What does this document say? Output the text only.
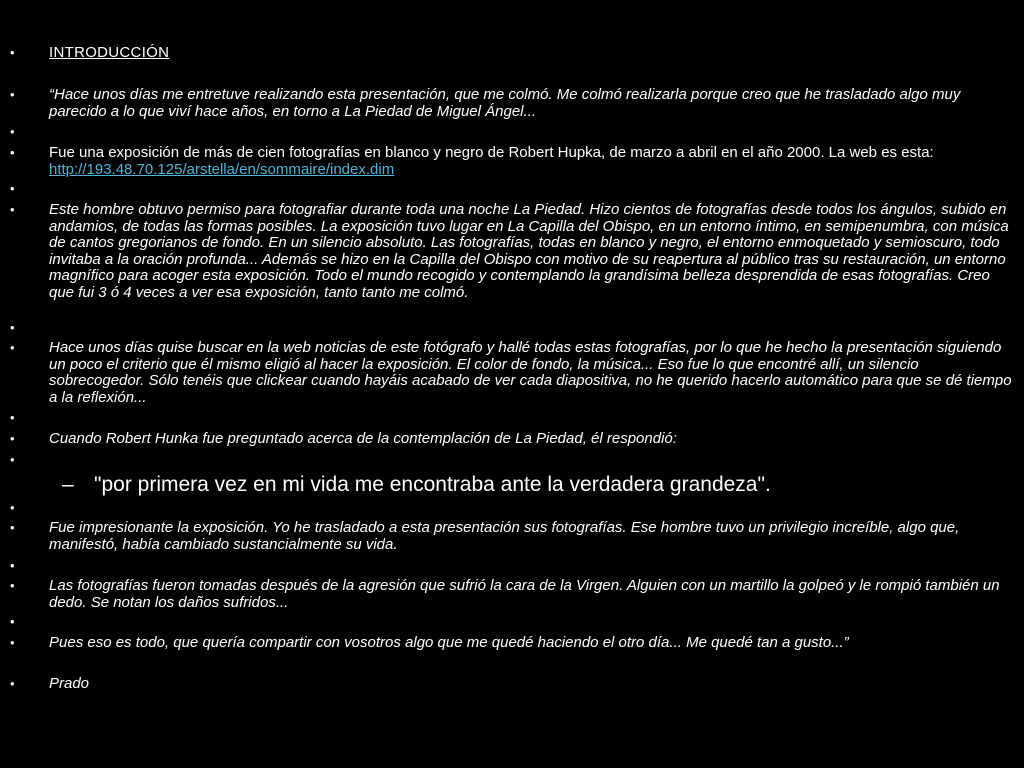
•	INTRODUCCIÓN
•	“Hace unos días me entretuve realizando esta presentación, que me colmó. Me colmó realizarla porque creo que he trasladado algo muy parecido a lo que viví hace años, en torno a La Piedad de Miguel Ángel...
•
•	Fue una exposición de más de cien fotografías en blanco y negro de Robert Hupka, de marzo a abril en el año 2000. La web es esta: http://193.48.70.125/arstella/en/sommaire/index.dim
•
•	Este hombre obtuvo permiso para fotografiar durante toda una noche La Piedad. Hizo cientos de fotografías desde todos los ángulos, subido en andamios, de todas las formas posibles. La exposición tuvo lugar en La Capilla del Obispo, en un entorno íntimo, en semipenumbra, con música de cantos gregorianos de fondo. En un silencio absoluto. Las fotografías, todas en blanco y negro, el entorno enmoquetado y semioscuro, todo invitaba a la oración profunda... Además se hizo en la Capilla del Obispo con motivo de su reapertura al público tras su restauración, un entorno magnífico para acoger esta exposición. Todo el mundo recogido y contemplando la grandísima belleza desprendida de esas fotografías. Creo que fui 3 ó 4 veces a ver esa exposición, tanto tanto me colmó.
•
•	Hace unos días quise buscar en la web noticias de este fotógrafo y hallé todas estas fotografías, por lo que he hecho la presentación siguiendo un poco el criterio que él mismo eligió al hacer la exposición. El color de fondo, la música... Eso fue lo que encontré allí, un silencio sobrecogedor. Sólo tenéis que clickear cuando hayáis acabado de ver cada diapositiva, no he querido hacerlo automático para que se dé tiempo a la reflexión...
•
•	Cuando Robert Hunka fue preguntado acerca de la contemplación de La Piedad, él respondió:
•
– "por primera vez en mi vida me encontraba ante la verdadera grandeza".
•
•	Fue impresionante la exposición. Yo he trasladado a esta presentación sus fotografías. Ese hombre tuvo un privilegio increíble, algo que, manifestó, había cambiado sustancialmente su vida.
•
•	Las fotografías fueron tomadas después de la agresión que sufrió la cara de la Virgen. Alguien con un martillo la golpeó y le rompió también un dedo. Se notan los daños sufridos...
•
•	Pues eso es todo, que quería compartir con vosotros algo que me quedé haciendo el otro día... Me quedé tan a gusto...”
•	Prado
